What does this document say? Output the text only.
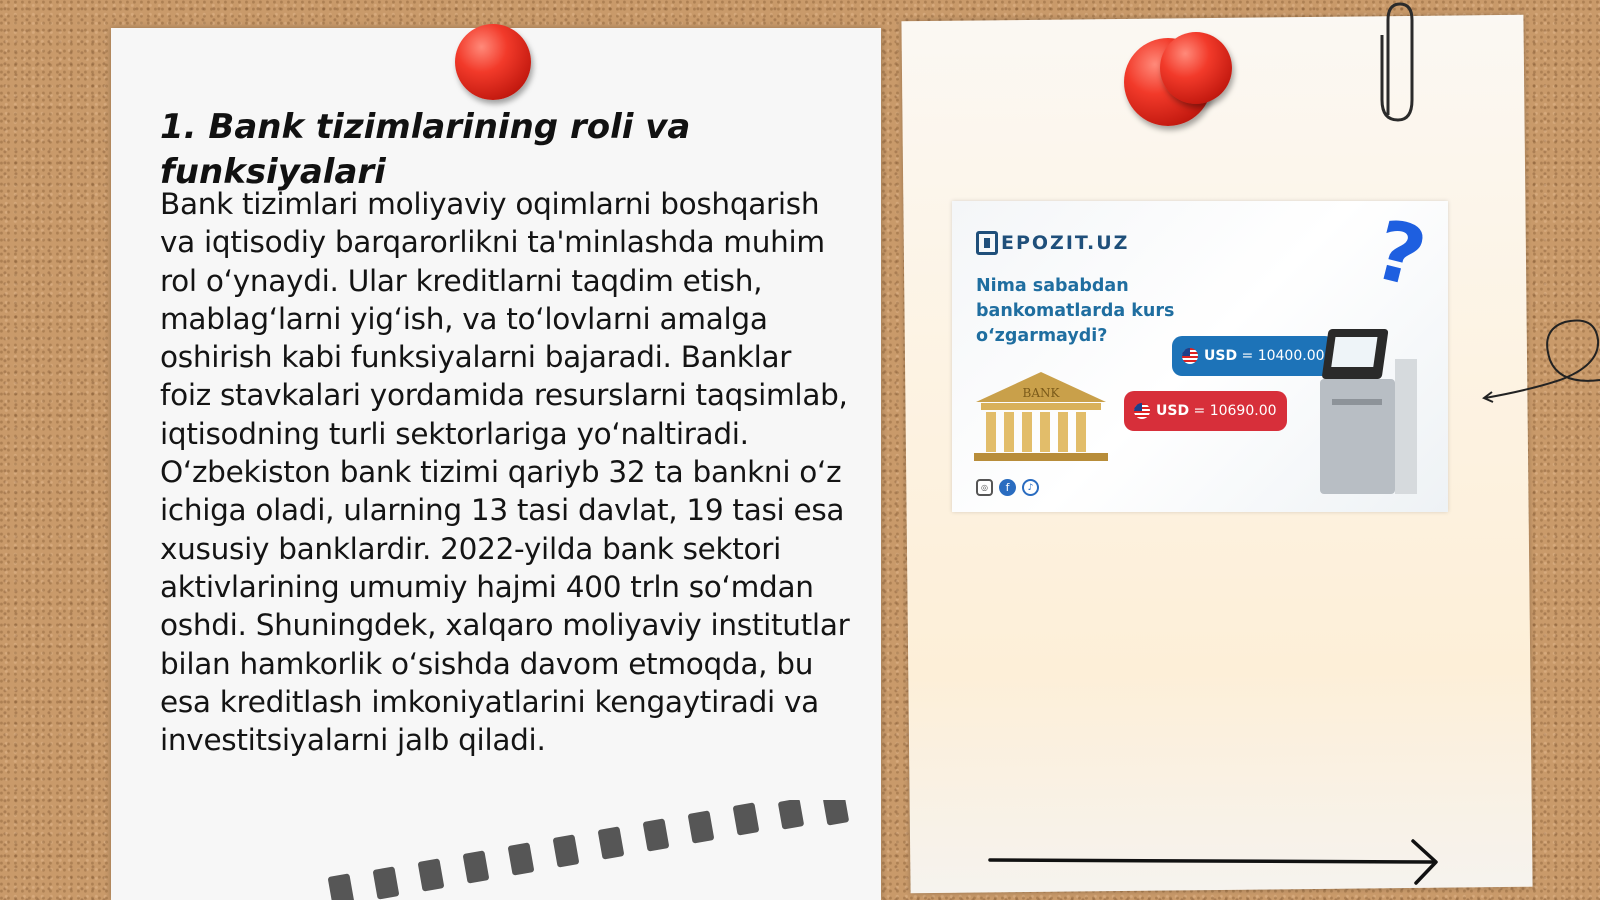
1. Bank tizimlarining roli va funksiyalari

Bank tizimlari moliyaviy oqimlarni boshqarish va iqtisodiy barqarorlikni ta'minlashda muhim rol o‘ynaydi. Ular kreditlarni taqdim etish, mablag‘larni yig‘ish, va to‘lovlarni amalga oshirish kabi funksiyalarni bajaradi. Banklar foiz stavkalari yordamida resurslarni taqsimlab, iqtisodning turli sektorlariga yo‘naltiradi. O‘zbekiston bank tizimi qariyb 32 ta bankni o‘z ichiga oladi, ularning 13 tasi davlat, 19 tasi esa xususiy banklardir. 2022-yilda bank sektori aktivlarining umumiy hajmi 400 trln so‘mdan oshdi. Shuningdek, xalqaro moliyaviy institutlar bilan hamkorlik o‘sishda davom etmoqda, bu esa kreditlash imkoniyatlarini kengaytiradi va investitsiyalarni jalb qiladi.

EPOZIT.UZ
Nima sababdan bankomatlarda kurs o‘zgarmaydi?
?
BANK
USD
= 10400.00
USD
= 10690.00
◎	f	♪
